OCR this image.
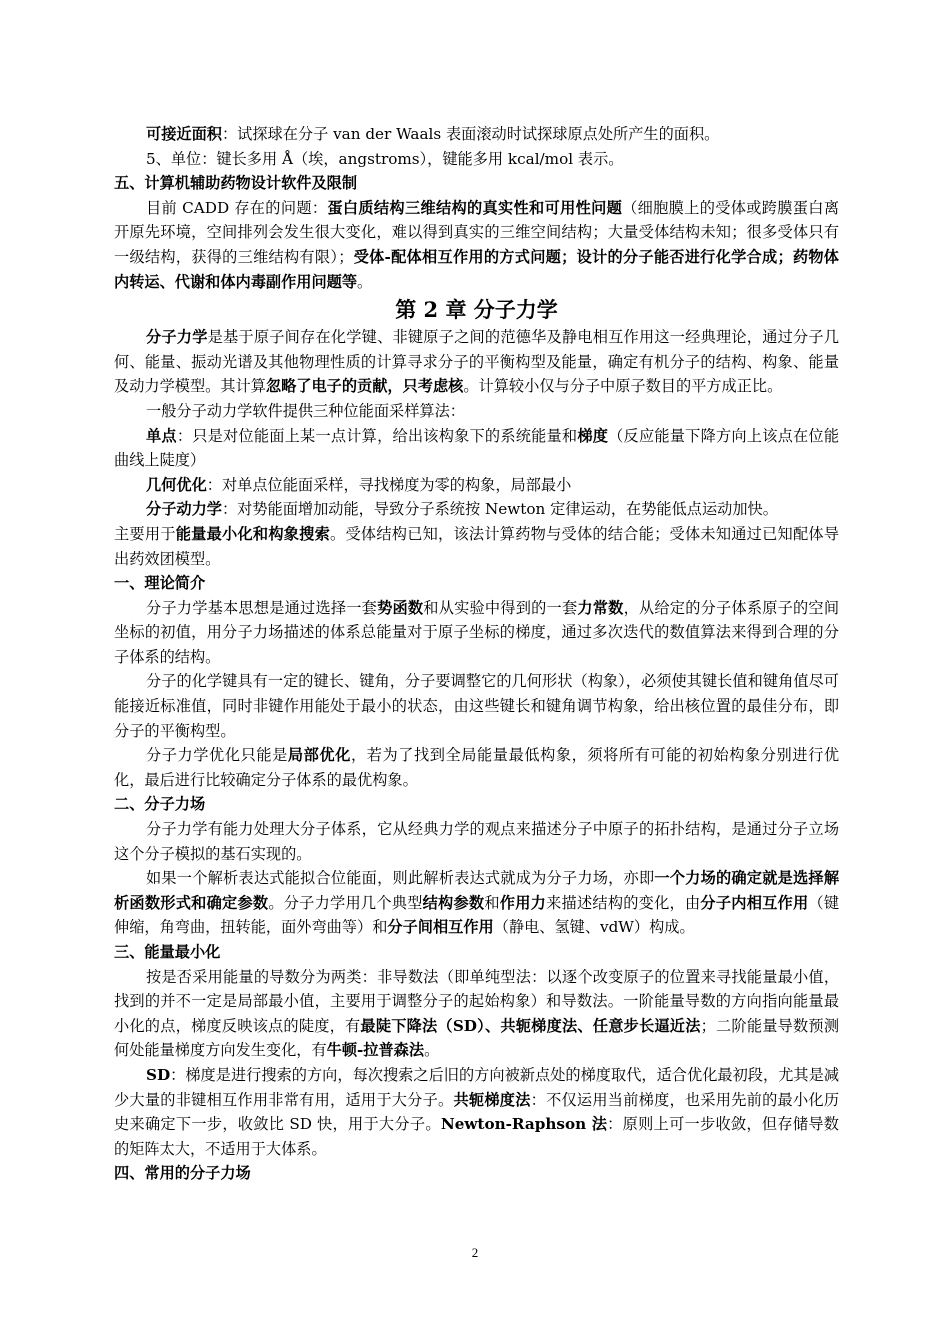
可接近面积：试探球在分子 van der Waals 表面滚动时试探球原点处所产生的面积。

5、单位：键长多用 Å（埃，angstroms），键能多用 kcal/mol 表示。

五、计算机辅助药物设计软件及限制

目前 CADD 存在的问题：蛋白质结构三维结构的真实性和可用性问题（细胞膜上的受体或跨膜蛋白离开原先环境，空间排列会发生很大变化，难以得到真实的三维空间结构；大量受体结构未知；很多受体只有一级结构，获得的三维结构有限）；受体-配体相互作用的方式问题；设计的分子能否进行化学合成；药物体内转运、代谢和体内毒副作用问题等。

第 2 章 分子力学

分子力学是基于原子间存在化学键、非键原子之间的范德华及静电相互作用这一经典理论，通过分子几何、能量、振动光谱及其他物理性质的计算寻求分子的平衡构型及能量，确定有机分子的结构、构象、能量及动力学模型。其计算忽略了电子的贡献，只考虑核。计算较小仅与分子中原子数目的平方成正比。

一般分子动力学软件提供三种位能面采样算法：

单点：只是对位能面上某一点计算，给出该构象下的系统能量和梯度（反应能量下降方向上该点在位能曲线上陡度）

几何优化：对单点位能面采样，寻找梯度为零的构象，局部最小

分子动力学：对势能面增加动能，导致分子系统按 Newton 定律运动，在势能低点运动加快。

主要用于能量最小化和构象搜索。受体结构已知，该法计算药物与受体的结合能；受体未知通过已知配体导出药效团模型。

一、理论简介

分子力学基本思想是通过选择一套势函数和从实验中得到的一套力常数，从给定的分子体系原子的空间坐标的初值，用分子力场描述的体系总能量对于原子坐标的梯度，通过多次迭代的数值算法来得到合理的分子体系的结构。

分子的化学键具有一定的键长、键角，分子要调整它的几何形状（构象），必须使其键长值和键角值尽可能接近标准值，同时非键作用能处于最小的状态，由这些键长和键角调节构象，给出核位置的最佳分布，即分子的平衡构型。

分子力学优化只能是局部优化，若为了找到全局能量最低构象，须将所有可能的初始构象分别进行优化，最后进行比较确定分子体系的最优构象。

二、分子力场

分子力学有能力处理大分子体系，它从经典力学的观点来描述分子中原子的拓扑结构，是通过分子立场这个分子模拟的基石实现的。

如果一个解析表达式能拟合位能面，则此解析表达式就成为分子力场，亦即一个力场的确定就是选择解析函数形式和确定参数。分子力学用几个典型结构参数和作用力来描述结构的变化，由分子内相互作用（键伸缩，角弯曲，扭转能，面外弯曲等）和分子间相互作用（静电、氢键、vdW）构成。

三、能量最小化

按是否采用能量的导数分为两类：非导数法（即单纯型法：以逐个改变原子的位置来寻找能量最小值，找到的并不一定是局部最小值，主要用于调整分子的起始构象）和导数法。一阶能量导数的方向指向能量最小化的点，梯度反映该点的陡度，有最陡下降法（SD）、共轭梯度法、任意步长逼近法；二阶能量导数预测何处能量梯度方向发生变化，有牛顿-拉普森法。

SD：梯度是进行搜索的方向，每次搜索之后旧的方向被新点处的梯度取代，适合优化最初段，尤其是减少大量的非键相互作用非常有用，适用于大分子。共轭梯度法：不仅运用当前梯度，也采用先前的最小化历史来确定下一步，收敛比 SD 快，用于大分子。Newton-Raphson 法：原则上可一步收敛，但存储导数的矩阵太大，不适用于大体系。

四、常用的分子力场
2
